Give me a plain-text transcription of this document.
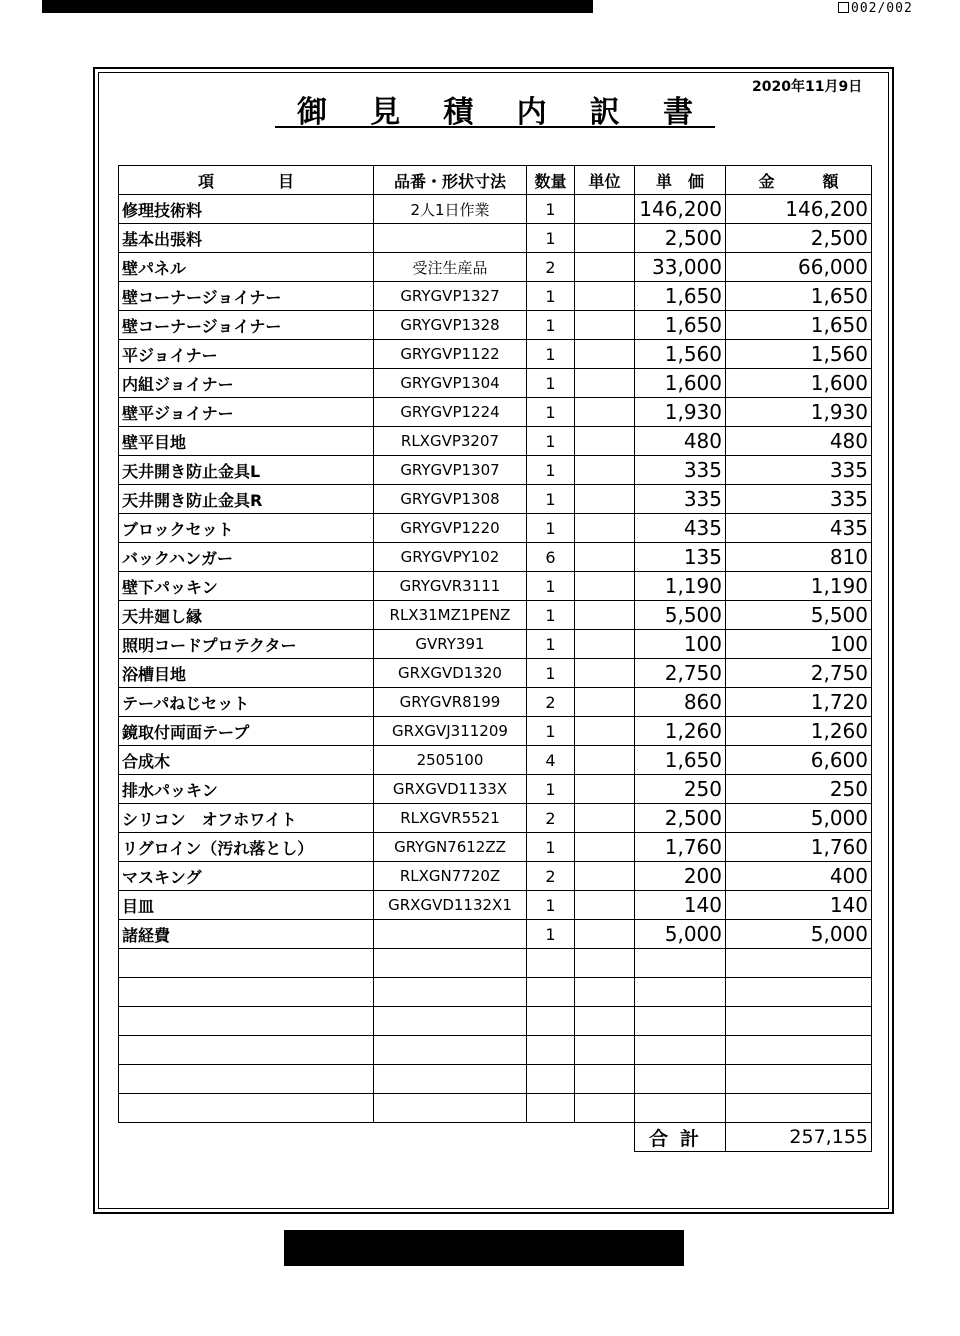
002/002
2020年11月9日
御 見 積 内 訳 書
項　　　　目	品番・形状寸法	数量	単位	単　価	金　　　額
修理技術料	2人1日作業	1		146,200	146,200
基本出張料		1		2,500	2,500
壁パネル	受注生産品	2		33,000	66,000
壁コーナージョイナー	GRYGVP1327	1		1,650	1,650
壁コーナージョイナー	GRYGVP1328	1		1,650	1,650
平ジョイナー	GRYGVP1122	1		1,560	1,560
内組ジョイナー	GRYGVP1304	1		1,600	1,600
壁平ジョイナー	GRYGVP1224	1		1,930	1,930
壁平目地	RLXGVP3207	1		480	480
天井開き防止金具L	GRYGVP1307	1		335	335
天井開き防止金具R	GRYGVP1308	1		335	335
ブロックセット	GRYGVP1220	1		435	435
バックハンガー	GRYGVPY102	6		135	810
壁下パッキン	GRYGVR3111	1		1,190	1,190
天井廻し縁	RLX31MZ1PENZ	1		5,500	5,500
照明コードプロテクター	GVRY391	1		100	100
浴槽目地	GRXGVD1320	1		2,750	2,750
テーパねじセット	GRYGVR8199	2		860	1,720
鏡取付両面テープ	GRXGVJ311209	1		1,260	1,260
合成木	2505100	4		1,650	6,600
排水パッキン	GRXGVD1133X	1		250	250
シリコン　オフホワイト	RLXGVR5521	2		2,500	5,000
リグロイン（汚れ落とし）	GRYGN7612ZZ	1		1,760	1,760
マスキング	RLXGN7720Z	2		200	400
目皿	GRXGVD1132X1	1		140	140
諸経費		1		5,000	5,000

				合計	257,155
